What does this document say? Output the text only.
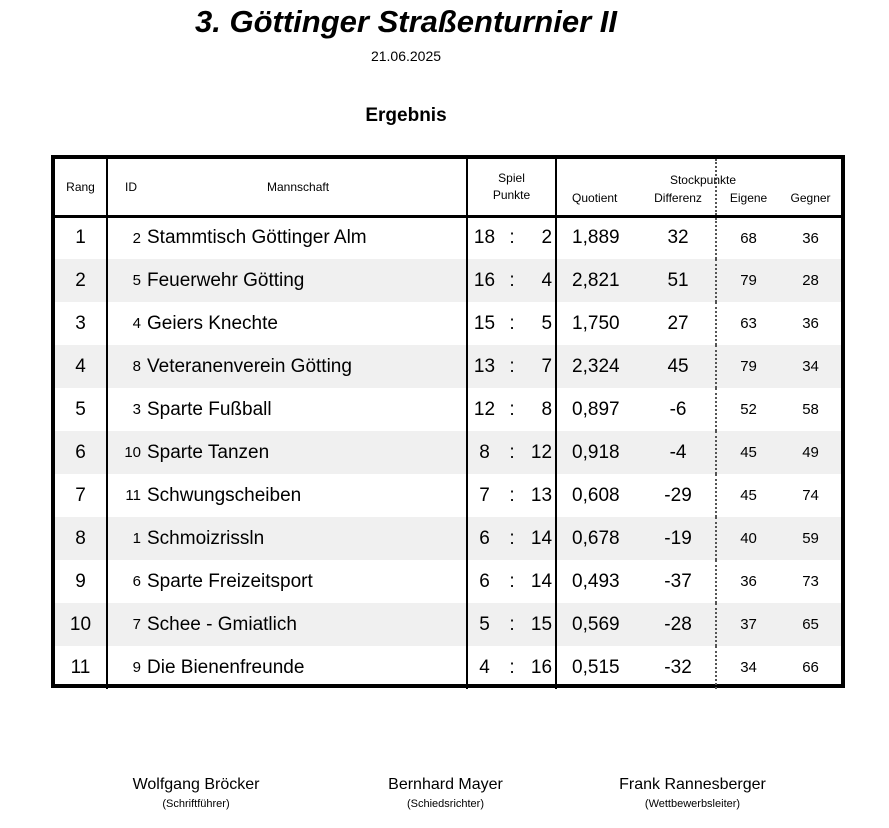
3. Göttinger Straßenturnier II
21.06.2025
Ergebnis
Rang	ID	Mannschaft	Spiel
Punkte			Quotient	Differenz	Eigene	Gegner
1	2	Stammtisch Göttinger Alm	18	:	2	1,889	32	68	36
2	5	Feuerwehr Götting	16	:	4	2,821	51	79	28
3	4	Geiers Knechte	15	:	5	1,750	27	63	36
4	8	Veteranenverein Götting	13	:	7	2,324	45	79	34
5	3	Sparte Fußball	12	:	8	0,897	-6	52	58
6	10	Sparte Tanzen	8	:	12	0,918	-4	45	49
7	11	Schwungscheiben	7	:	13	0,608	-29	45	74
8	1	Schmoizrissln	6	:	14	0,678	-19	40	59
9	6	Sparte Freizeitsport	6	:	14	0,493	-37	36	73
10	7	Schee - Gmiatlich	5	:	15	0,569	-28	37	65
11	9	Die Bienenfreunde	4	:	16	0,515	-32	34	66
Stockpunkte
Wolfgang Bröcker
(Schriftführer)
Bernhard Mayer
(Schiedsrichter)
Frank Rannesberger
(Wettbewerbsleiter)
